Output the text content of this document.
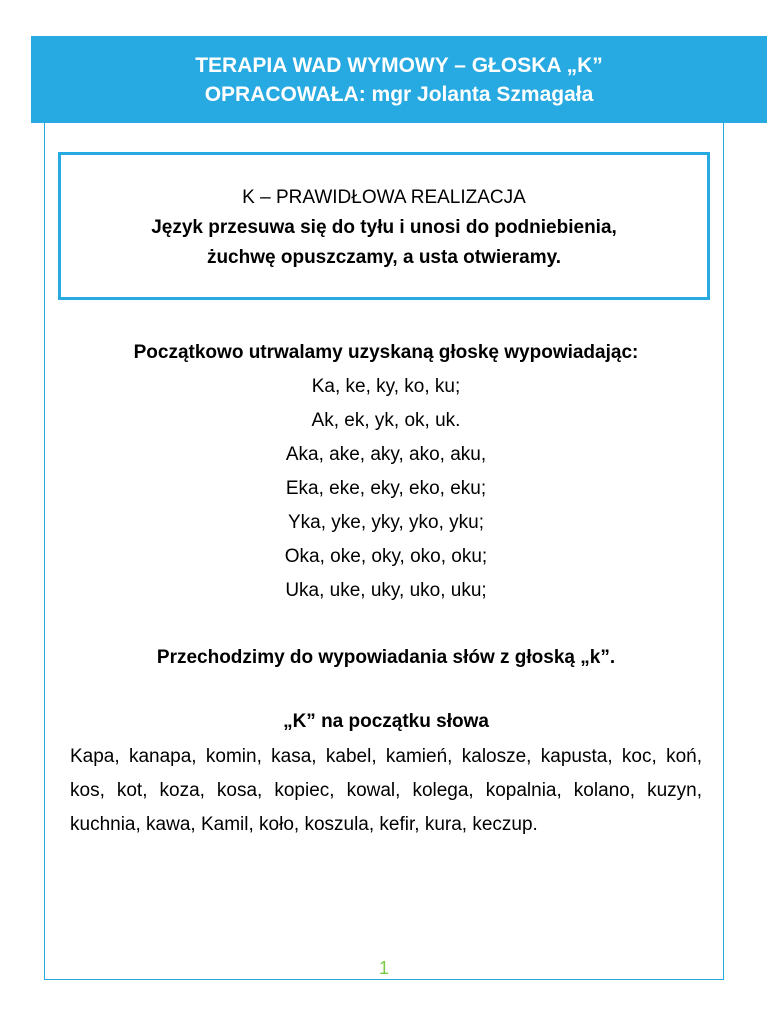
TERAPIA WAD WYMOWY – GŁOSKA „K”
OPRACOWAŁA: mgr Jolanta Szmagała
K – PRAWIDŁOWA REALIZACJA
Język przesuwa się do tyłu i unosi do podniebienia,
żuchwę opuszczamy, a usta otwieramy.
Początkowo utrwalamy uzyskaną głoskę wypowiadając:
Ka, ke, ky, ko, ku;
Ak, ek, yk, ok, uk.
Aka, ake, aky, ako, aku,
Eka, eke, eky, eko, eku;
Yka, yke, yky, yko, yku;
Oka, oke, oky, oko, oku;
Uka, uke, uky, uko, uku;
Przechodzimy do wypowiadania słów z głoską „k”.
„K” na początku słowa
Kapa, kanapa, komin, kasa, kabel, kamień, kalosze, kapusta, koc, koń, kos, kot, koza, kosa, kopiec, kowal, kolega, kopalnia, kolano, kuzyn, kuchnia, kawa, Kamil, koło, koszula, kefir, kura, keczup.
1
